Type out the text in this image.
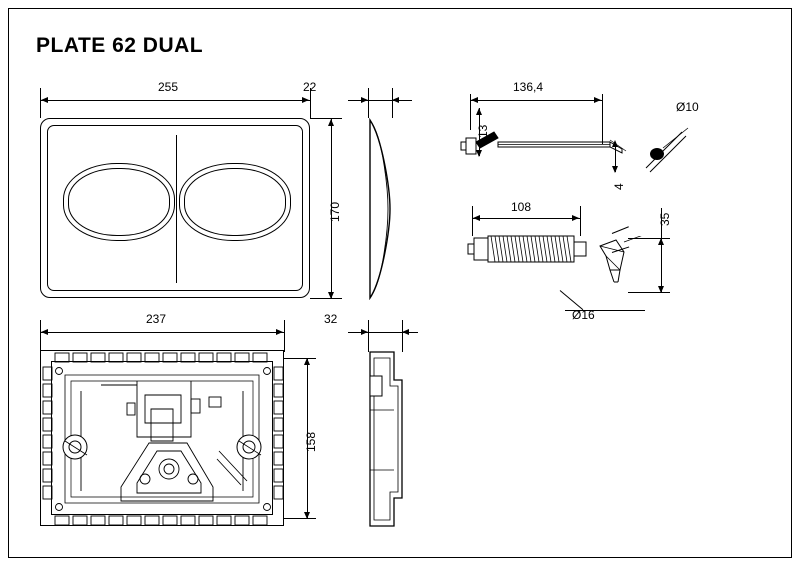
PLATE 62 DUAL
255
170
22	136,4
13
4
Ø10
108
Ø16
35
237
158
32
